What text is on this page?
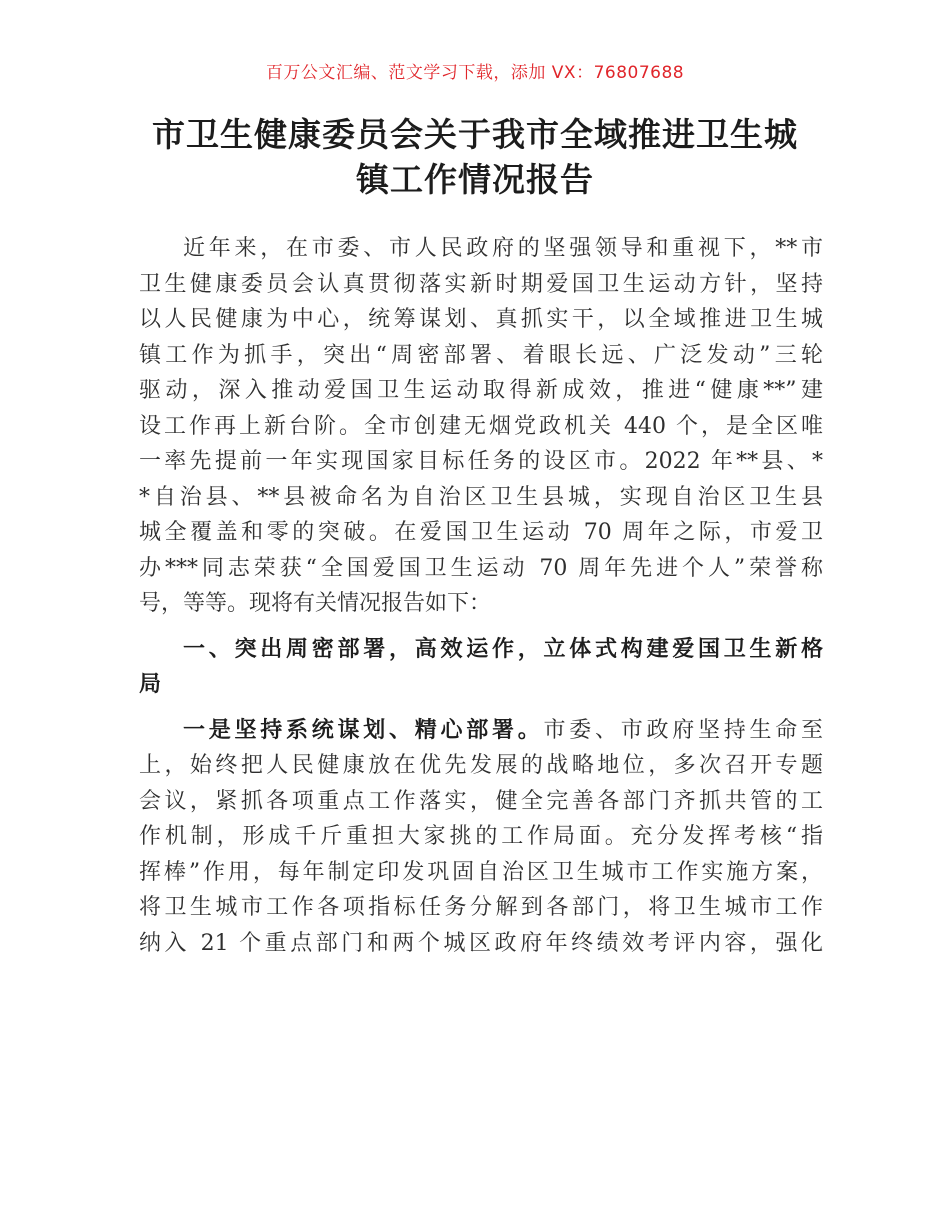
百万公文汇编、范文学习下载，添加 VX：76807688
市卫生健康委员会关于我市全域推进卫生城
镇工作情况报告
近年来，在市委、市人民政府的坚强领导和重视下，**市
卫生健康委员会认真贯彻落实新时期爱国卫生运动方针，坚持
以人民健康为中心，统筹谋划、真抓实干，以全域推进卫生城
镇工作为抓手，突出“周密部署、着眼长远、广泛发动”三轮
驱动，深入推动爱国卫生运动取得新成效，推进“健康**”建
设工作再上新台阶。全市创建无烟党政机关 440 个，是全区唯
一率先提前一年实现国家目标任务的设区市。2022 年**县、*
*自治县、**县被命名为自治区卫生县城，实现自治区卫生县
城全覆盖和零的突破。在爱国卫生运动 70 周年之际，市爱卫
办***同志荣获“全国爱国卫生运动 70 周年先进个人”荣誉称
号，等等。现将有关情况报告如下：
一、突出周密部署，高效运作，立体式构建爱国卫生新格
局
一是坚持系统谋划、精心部署。市委、市政府坚持生命至
上，始终把人民健康放在优先发展的战略地位，多次召开专题
会议，紧抓各项重点工作落实，健全完善各部门齐抓共管的工
作机制，形成千斤重担大家挑的工作局面。充分发挥考核“指
挥棒”作用，每年制定印发巩固自治区卫生城市工作实施方案，
将卫生城市工作各项指标任务分解到各部门，将卫生城市工作
纳入 21 个重点部门和两个城区政府年终绩效考评内容，强化
